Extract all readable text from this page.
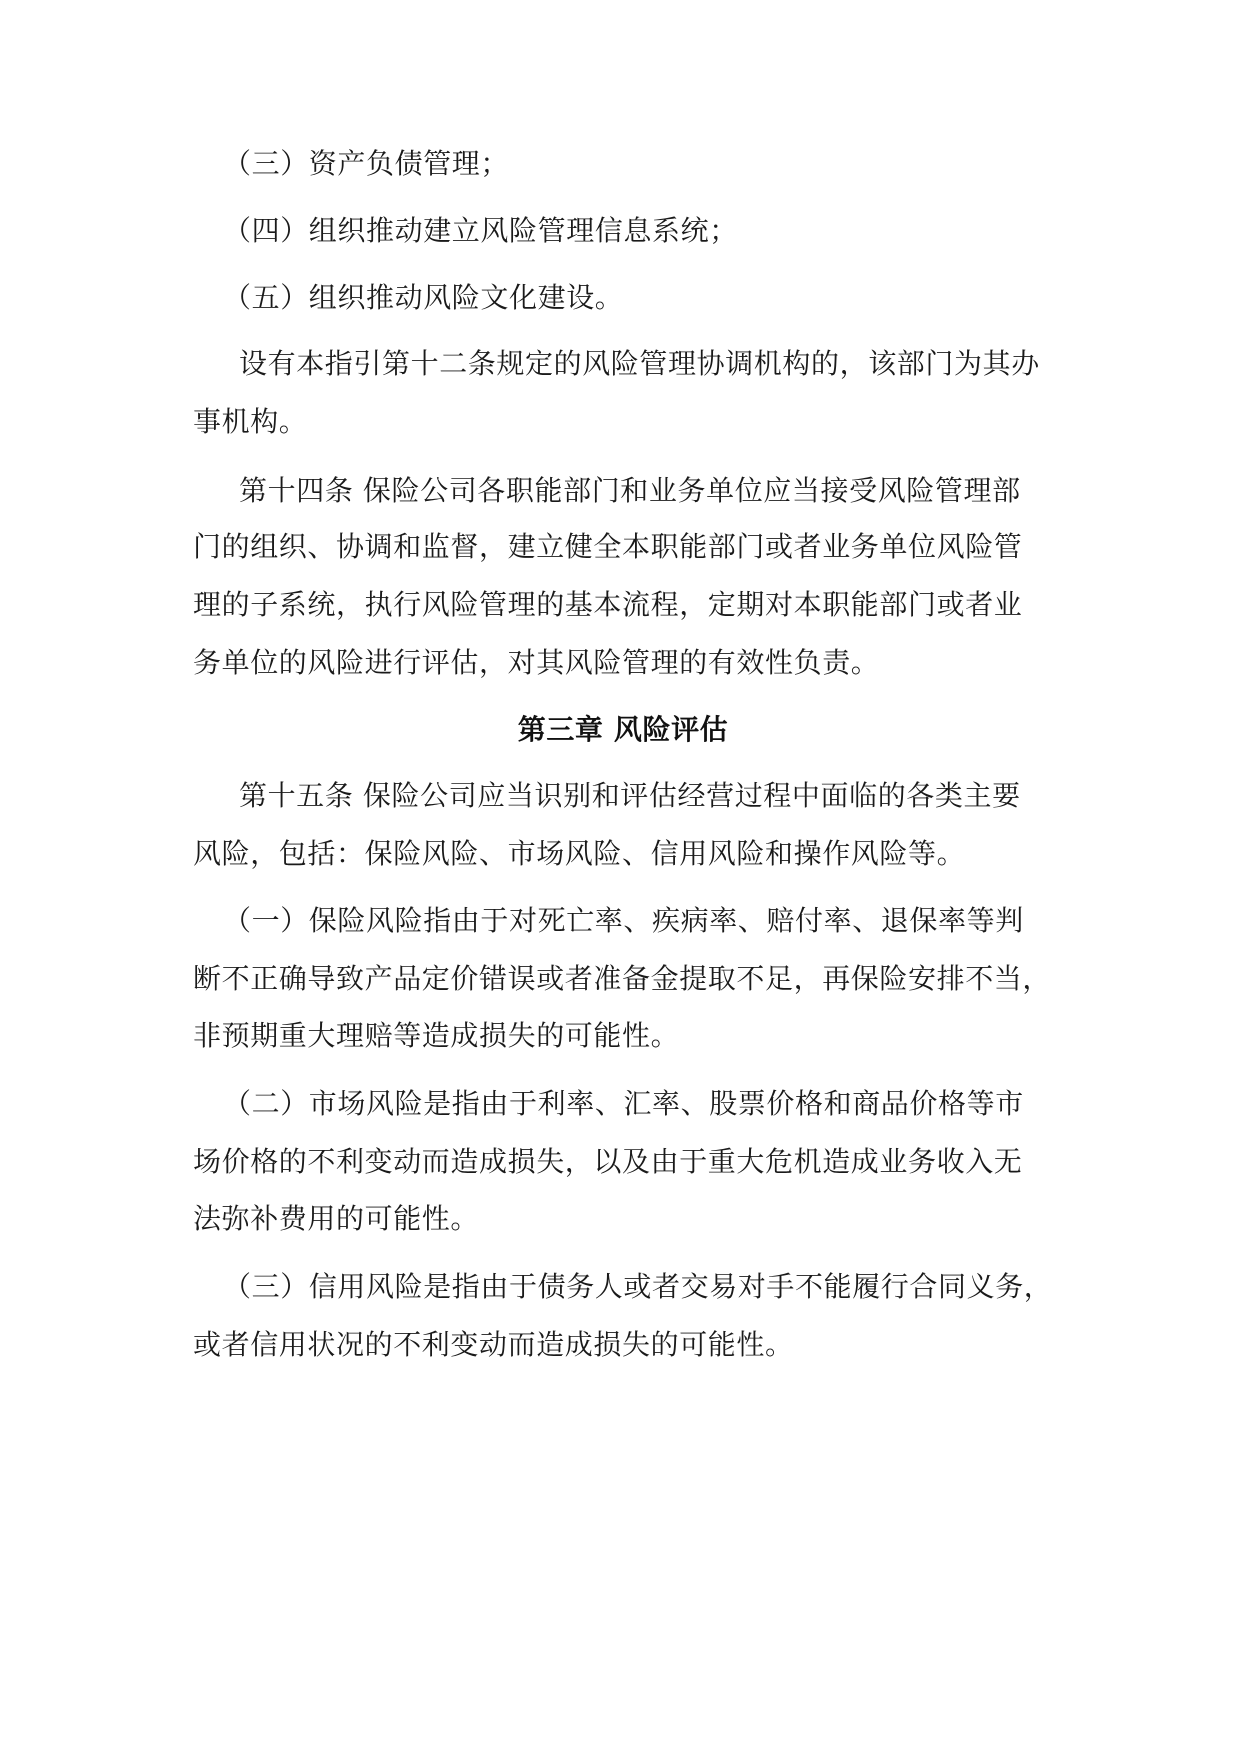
（三）资产负债管理；
（四）组织推动建立风险管理信息系统；
（五）组织推动风险文化建设。
设有本指引第十二条规定的风险管理协调机构的，该部门为其办
事机构。
第十四条 保险公司各职能部门和业务单位应当接受风险管理部
门的组织、协调和监督，建立健全本职能部门或者业务单位风险管
理的子系统，执行风险管理的基本流程，定期对本职能部门或者业
务单位的风险进行评估，对其风险管理的有效性负责。
第三章 风险评估
第十五条 保险公司应当识别和评估经营过程中面临的各类主要
风险，包括：保险风险、市场风险、信用风险和操作风险等。
（一）保险风险指由于对死亡率、疾病率、赔付率、退保率等判
断不正确导致产品定价错误或者准备金提取不足，再保险安排不当，
非预期重大理赔等造成损失的可能性。
（二）市场风险是指由于利率、汇率、股票价格和商品价格等市
场价格的不利变动而造成损失，以及由于重大危机造成业务收入无
法弥补费用的可能性。
（三）信用风险是指由于债务人或者交易对手不能履行合同义务，
或者信用状况的不利变动而造成损失的可能性。
